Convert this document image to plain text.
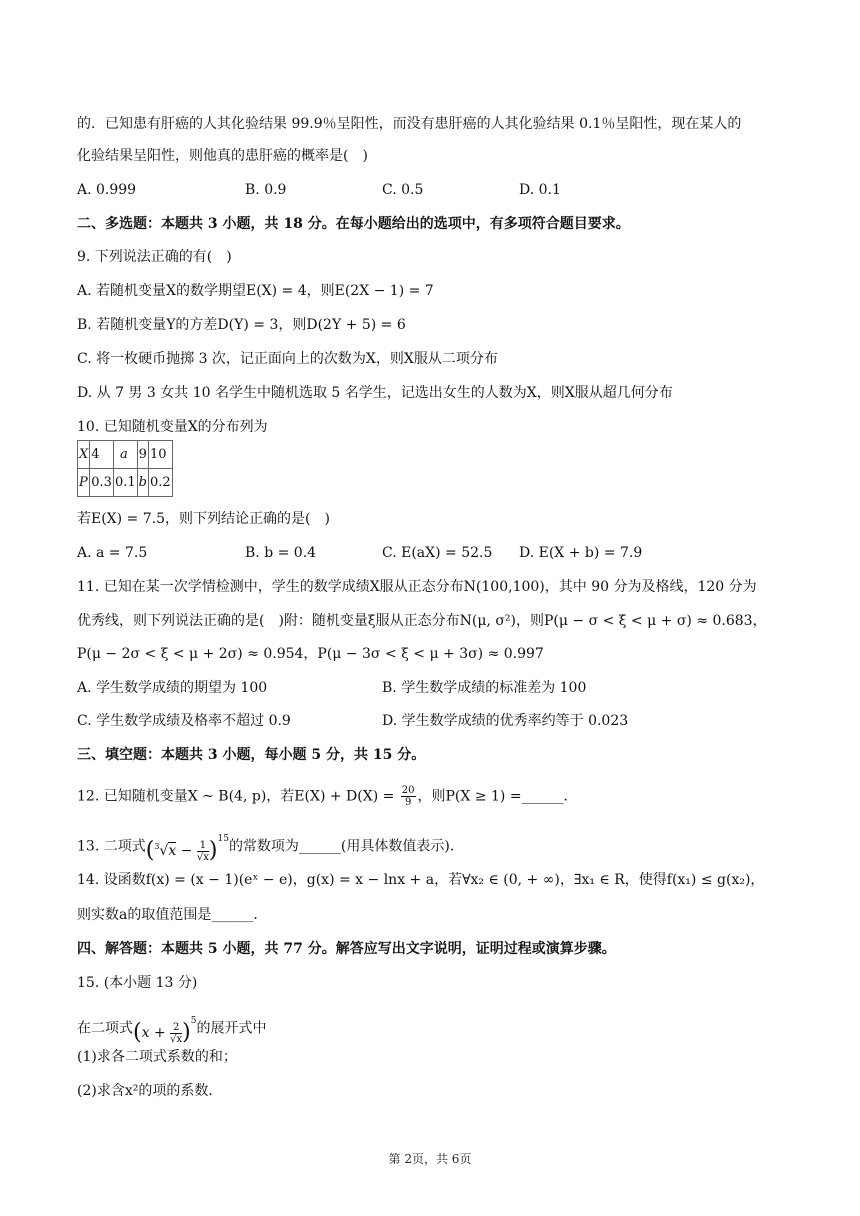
的．已知患有肝癌的人其化验结果 99.9％呈阳性，而没有患肝癌的人其化验结果 0.1％呈阳性，现在某人的
化验结果呈阳性，则他真的患肝癌的概率是(　)
A. 0.999	B. 0.9	C. 0.5	D. 0.1
二、多选题：本题共 3 小题，共 18 分。在每小题给出的选项中，有多项符合题目要求。
9. 下列说法正确的有(　)
A. 若随机变量X的数学期望E(X) = 4，则E(2X − 1) = 7
B. 若随机变量Y的方差D(Y) = 3，则D(2Y + 5) = 6
C. 将一枚硬币抛掷 3 次，记正面向上的次数为X，则X服从二项分布
D. 从 7 男 3 女共 10 名学生中随机选取 5 名学生，记选出女生的人数为X，则X服从超几何分布
10. 已知随机变量X的分布列为
X	4	a	9	10
P	0.3	0.1	b	0.2
若E(X) = 7.5，则下列结论正确的是(　)
A. a = 7.5	B. b = 0.4	C. E(aX) = 52.5 D. E(X + b) = 7.9
11. 已知在某一次学情检测中，学生的数学成绩X服从正态分布N(100,100)，其中 90 分为及格线，120 分为
优秀线，则下列说法正确的是(　)附：随机变量ξ服从正态分布N(μ, σ²)，则P(μ − σ < ξ < μ + σ) ≈ 0.683，
P(μ − 2σ < ξ < μ + 2σ) ≈ 0.954，P(μ − 3σ < ξ < μ + 3σ) ≈ 0.997
A. 学生数学成绩的期望为 100	B. 学生数学成绩的标准差为 100
C. 学生数学成绩及格率不超过 0.9	D. 学生数学成绩的优秀率约等于 0.023
三、填空题：本题共 3 小题，每小题 5 分，共 15 分。
12. 已知随机变量X ~ B(4, p)，若$E(X) + D(X) = \frac{20}{9}$ ，则P(X ≥ 1) =______．
13. 二项式$(^3√x - \frac{1}{√x} )^{15}$的常数项为______(用具体数值表示)．
14. 设函数f(x) = (x − 1)(eˣ − e)，g(x) = x − lnx + a，若∀x₂ ∈ (0, + ∞)，∃x₁ ∈ R，使得f(x₁) ≤ g(x₂)，
则实数a的取值范围是______．
四、解答题：本题共 5 小题，共 77 分。解答应写出文字说明，证明过程或演算步骤。
15. (本小题 13 分)
在二项式$(x + \frac{2}{√x} )^5$的展开式中
(1)求各二项式系数的和；
(2)求含x²的项的系数．
第 2页，共 6页
